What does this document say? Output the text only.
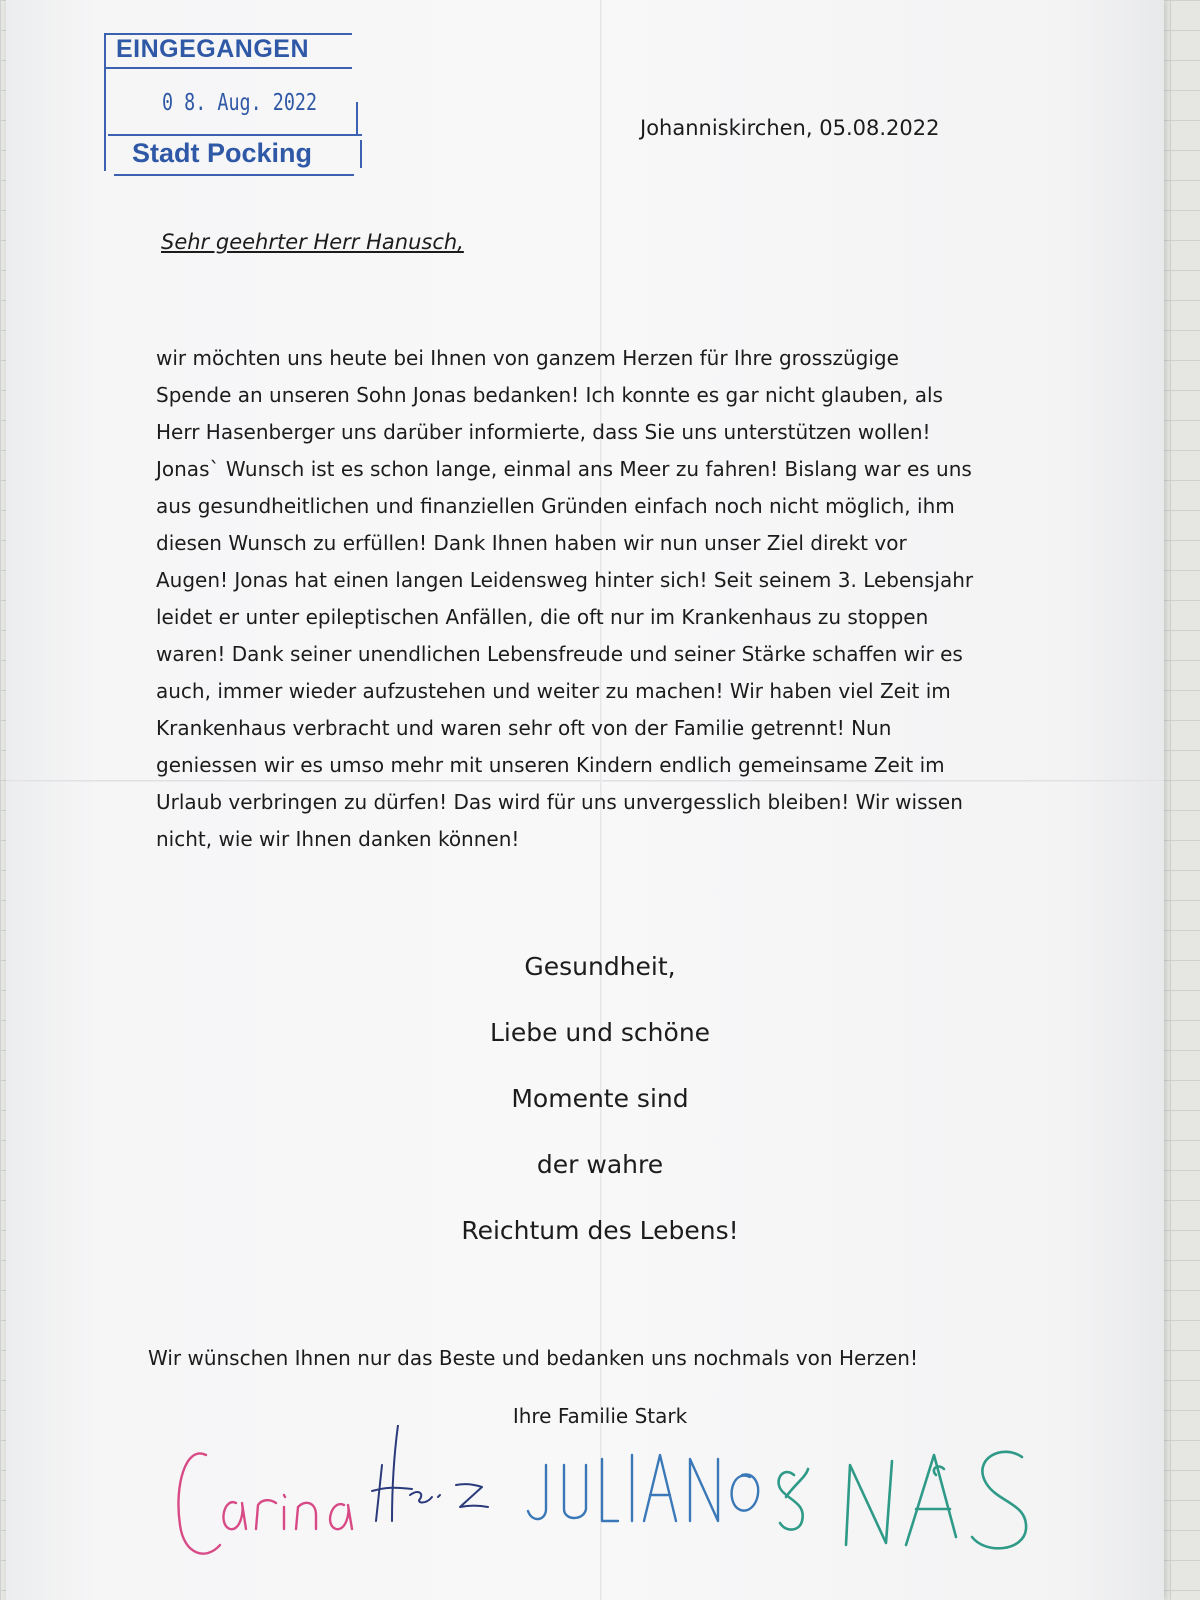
EINGEGANGEN
0 8. Aug. 2022
Stadt Pocking
Johanniskirchen, 05.08.2022
Sehr geehrter Herr Hanusch,
wir möchten uns heute bei Ihnen von ganzem Herzen für Ihre grosszügige
Spende an unseren Sohn Jonas bedanken! Ich konnte es gar nicht glauben, als
Herr Hasenberger uns darüber informierte, dass Sie uns unterstützen wollen!
Jonas` Wunsch ist es schon lange, einmal ans Meer zu fahren! Bislang war es uns
aus gesundheitlichen und finanziellen Gründen einfach noch nicht möglich, ihm
diesen Wunsch zu erfüllen! Dank Ihnen haben wir nun unser Ziel direkt vor
Augen! Jonas hat einen langen Leidensweg hinter sich! Seit seinem 3. Lebensjahr
leidet er unter epileptischen Anfällen, die oft nur im Krankenhaus zu stoppen
waren! Dank seiner unendlichen Lebensfreude und seiner Stärke schaffen wir es
auch, immer wieder aufzustehen und weiter zu machen! Wir haben viel Zeit im
Krankenhaus verbracht und waren sehr oft von der Familie getrennt! Nun
geniessen wir es umso mehr mit unseren Kindern endlich gemeinsame Zeit im
Urlaub verbringen zu dürfen! Das wird für uns unvergesslich bleiben! Wir wissen
nicht, wie wir Ihnen danken können!
Gesundheit,
Liebe und schöne
Momente sind
der wahre
Reichtum des Lebens!
Wir wünschen Ihnen nur das Beste und bedanken uns nochmals von Herzen!
Ihre Familie Stark
